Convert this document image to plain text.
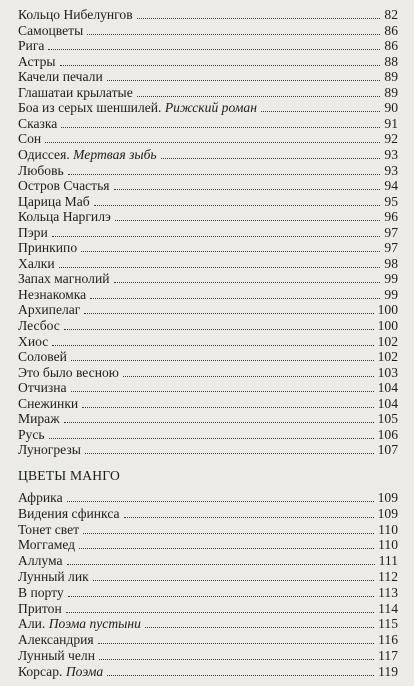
Кольцо Нибелунгов	82
Самоцветы	86
Рига	86
Астры	88
Качели печали	89
Глашатаи крылатые	89
Боа из серых шеншилей. Рижский роман	90
Сказка	91
Сон	92
Одиссея. Мертвая зыбь	93
Любовь	93
Остров Счастья	94
Царица Маб	95
Кольца Наргилэ	96
Пэри	97
Принкипо	97
Халки	98
Запах магнолий	99
Незнакомка	99
Архипелаг	100
Лесбос	100
Хиос	102
Соловей	102
Это было весною	103
Отчизна	104
Снежинки	104
Мираж	105
Русь	106
Луногрезы	107
ЦВЕТЫ МАНГО
Африка	109
Видения сфинкса	109
Тонет свет	110
Моггамед	110
Аллума	111
Лунный лик	112
В порту	113
Притон	114
Али. Поэма пустыни	115
Александрия	116
Лунный челн	117
Корсар. Поэма	119
